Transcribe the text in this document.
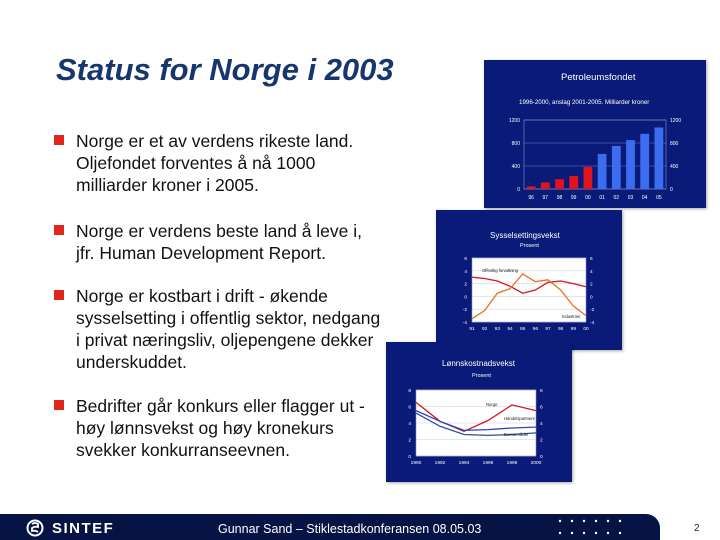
Status for Norge i 2003
Norge er et av verdens rikeste land. Oljefondet forventes å nå 1000 milliarder kroner i 2005.
Norge er verdens beste land å leve i, jfr. Human Development Report.
Norge er kostbart i drift - økende sysselsetting i offentlig sektor, nedgang i privat næringsliv, oljepengene dekker underskuddet.
Bedrifter går konkurs eller flagger ut - høy lønnsvekst og høy kronekurs svekker konkurranseevnen.
Petroleumsfondet
1996-2000, anslag 2001-2005. Milliarder kroner
0	0
400	400
800	800
1200	1200
96 97 98 99 00 01 02 03 04 05
Sysselsettingsvekst
Prosent
-4	-4
-2	-2
0	0
2	2
4	4
6	6
91 92 93 94 95 96 97 98 99 00
Offentlig forvaltning
Industrien
Lønnskostnadsvekst
Prosent
0	0
2	2
4	4
6	6
8	8
1990	1992	1994	1996	1998	2000
Norge
Handelspartnere
Euroområdet
SINTEF	Gunnar Sand – Stiklestadkonferansen 08.05.03	2
